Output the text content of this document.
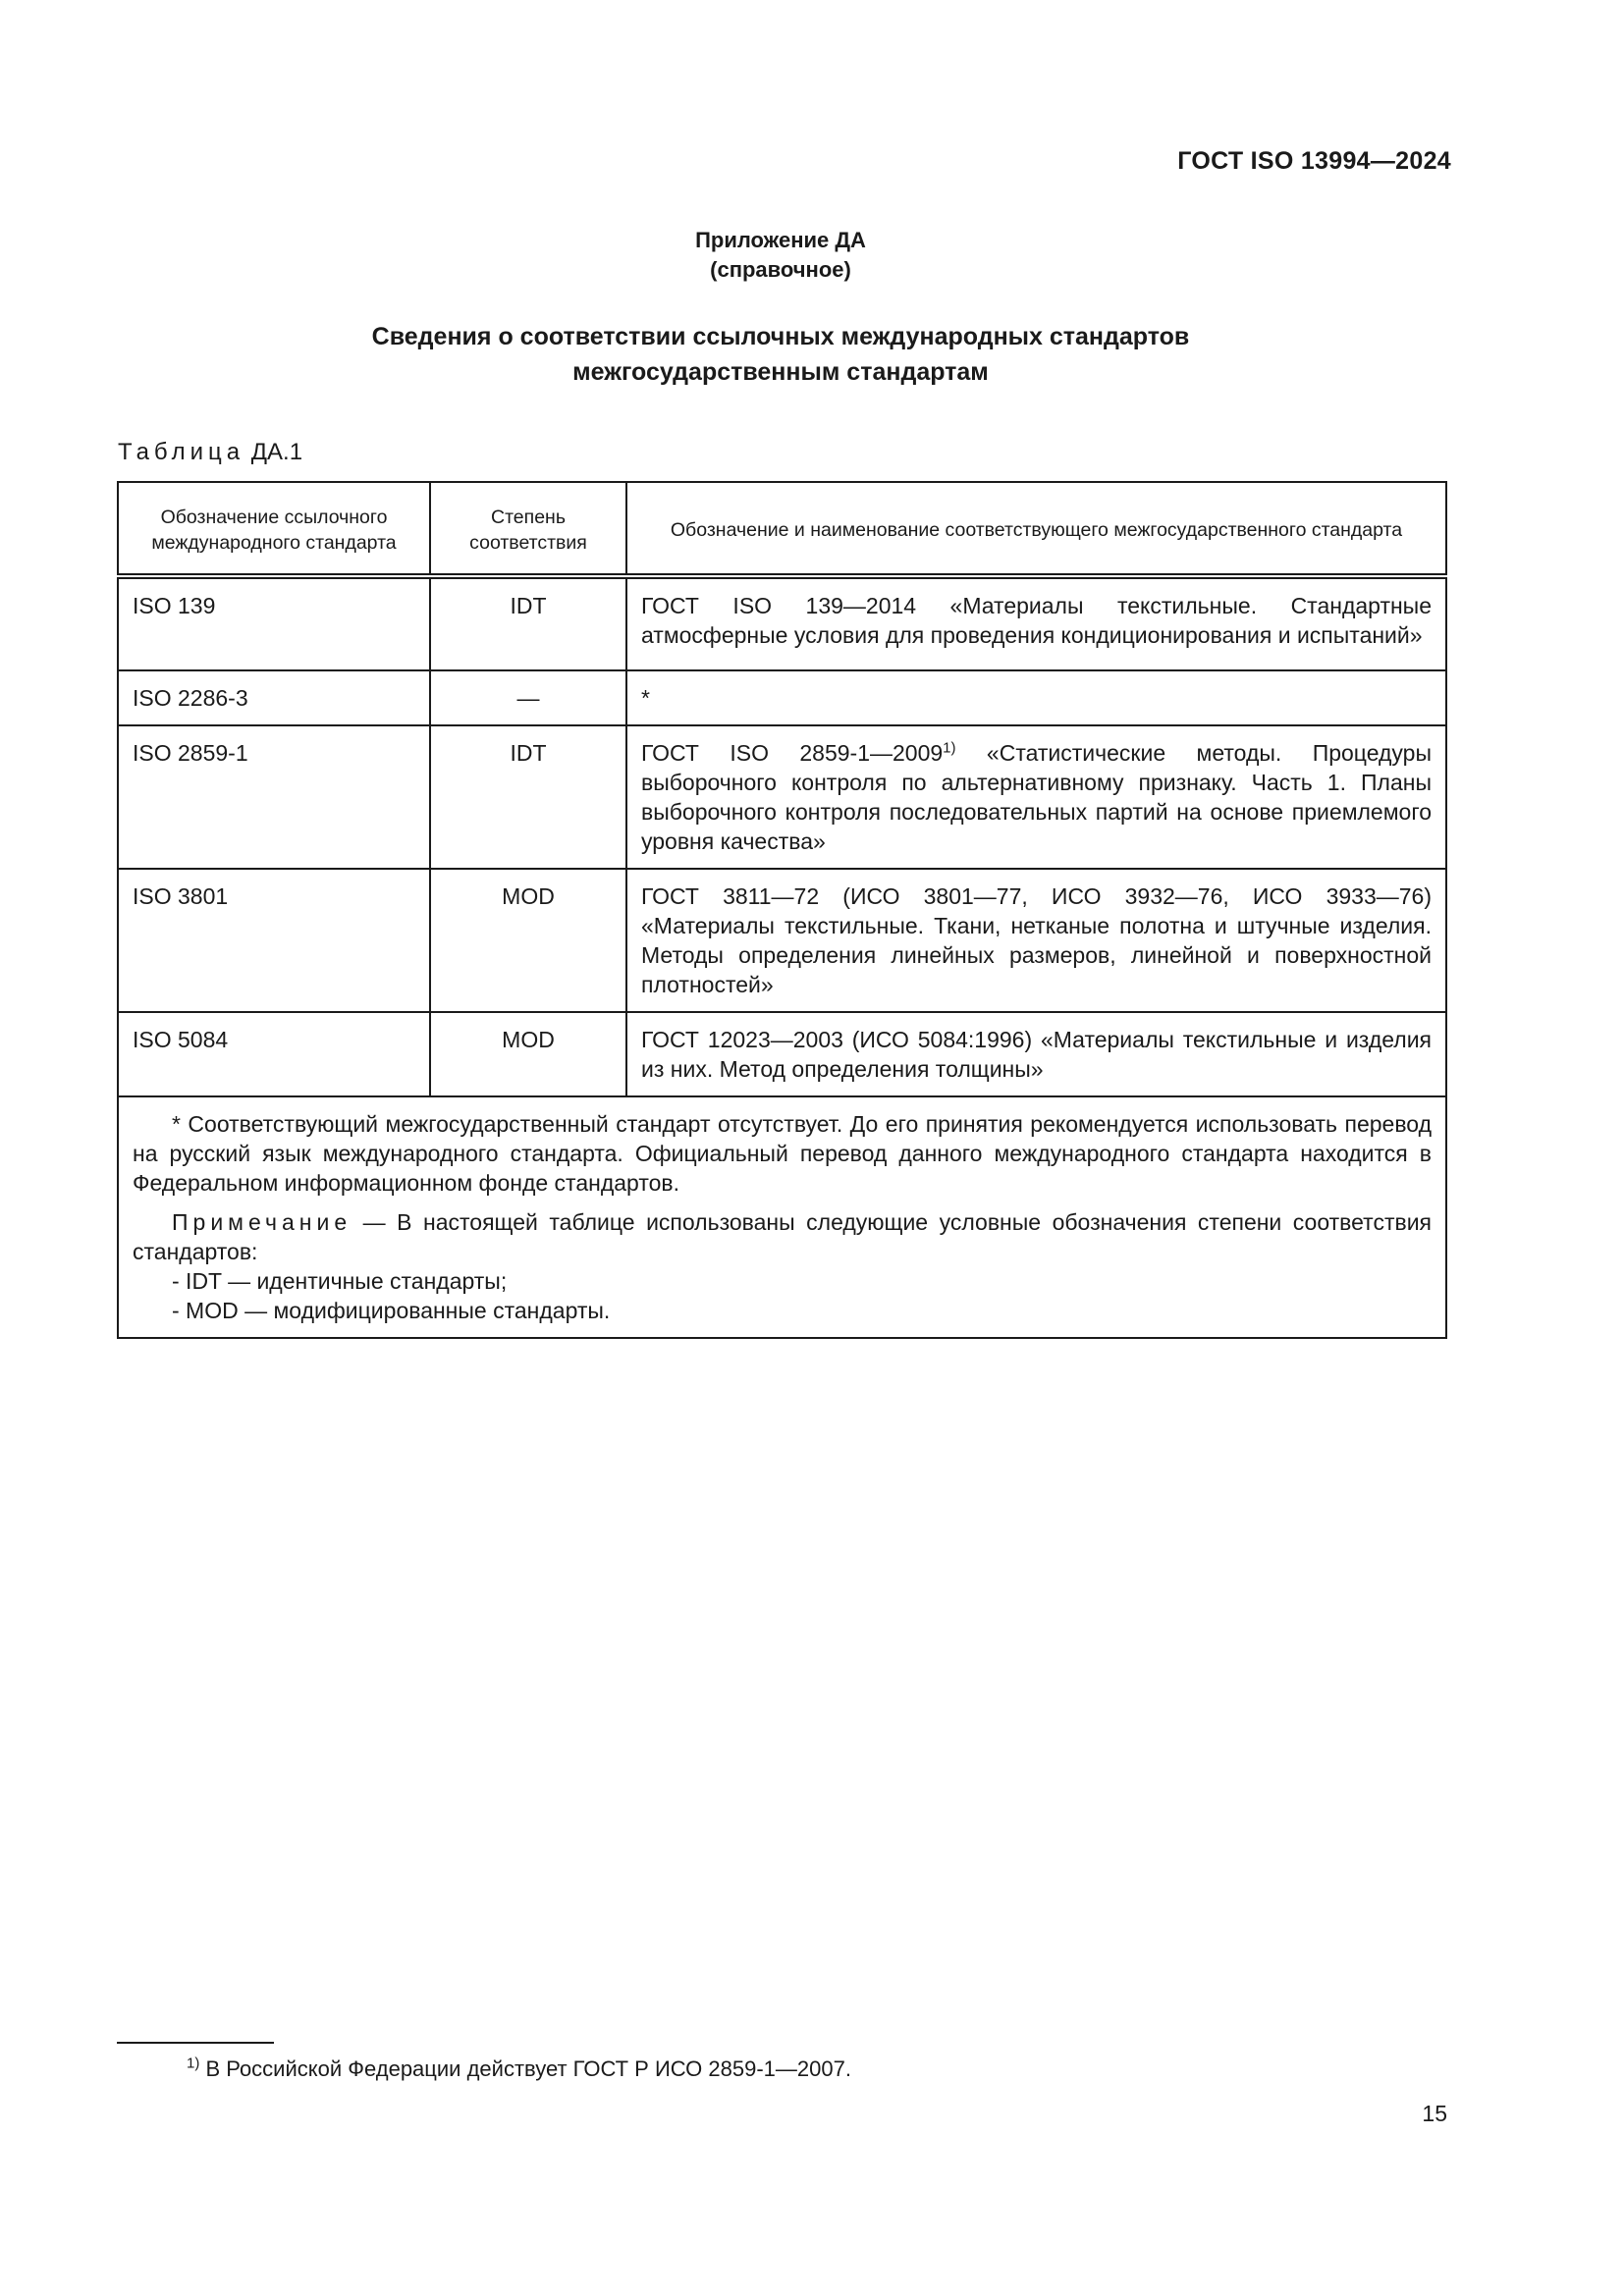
ГОСТ ISO 13994—2024
Приложение ДА
(справочное)
Сведения о соответствии ссылочных международных стандартов
межгосударственным стандартам
Таблица ДА.1
Обозначение ссылочного международного стандарта	Степень соответствия	Обозначение и наименование соответствующего межгосударственного стандарта
ISO 139	IDT	ГОСТ ISO 139—2014 «Материалы текстильные. Стандартные атмосферные условия для проведения кондиционирования и испытаний»
ISO 2286-3	—	*
ISO 2859-1	IDT	ГОСТ ISO 2859-1—2009$^{1)}$ «Статистические методы. Процедуры выборочного контроля по альтернативному признаку. Часть 1. Планы выборочного контроля последовательных партий на основе приемлемого уровня качества»
ISO 3801	MOD	ГОСТ 3811—72 (ИСО 3801—77, ИСО 3932—76, ИСО 3933—76) «Материалы текстильные. Ткани, нетканые полотна и штучные изделия. Методы определения линейных размеров, линейной и поверхностной плотностей»
ISO 5084	MOD	ГОСТ 12023—2003 (ИСО 5084:1996) «Материалы текстильные и изделия из них. Метод определения толщины»

* Соответствующий межгосударственный стандарт отсутствует. До его принятия рекомендуется использовать перевод на русский язык международного стандарта. Официальный перевод данного международного стандарта находится в Федеральном информационном фонде стандартов.

Примечание — В настоящей таблице использованы следующие условные обозначения степени соответствия стандартов:

- IDT — идентичные стандарты;

- MOD — модифицированные стандарты.		

$^{1)}$ В Российской Федерации действует ГОСТ Р ИСО 2859-1—2007.
15
